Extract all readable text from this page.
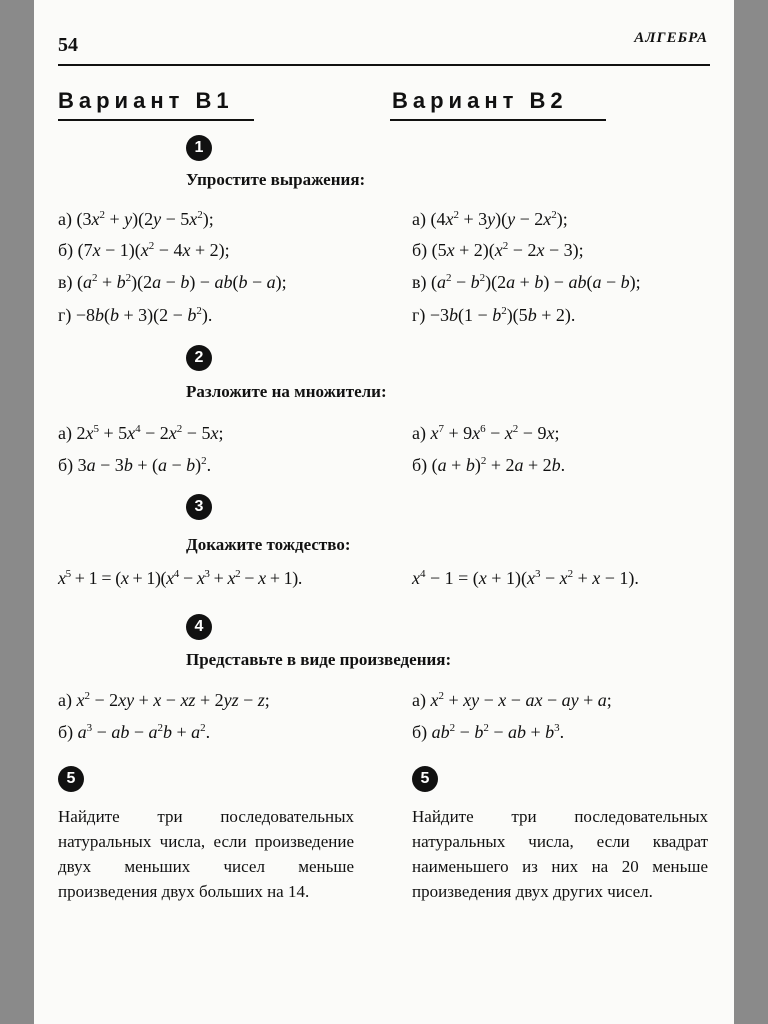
54	АЛГЕБРА
Вариант В1	Вариант В2
1
Упростите выражения:
а) $(3x^2 + y)(2y - 5x^2)$;
б) $(7x - 1)(x^2 - 4x + 2)$;
в) $(a^2 + b^2)(2a - b) - ab(b - a)$;
$г) -8b(b + 3)(2 - b^2)$.
а) $(4x^2 + 3y)(y - 2x^2)$;
б) $(5x + 2)(x^2 - 2x - 3)$;
в) $(a^2 - b^2)(2a + b) - ab(a - b)$;
$г) -3b(1 - b^2)(5b + 2)$.
2
Разложите на множители:
а) $2x^5 + 5x^4 - 2x^2 - 5x$;
б) $3a - 3b + (a - b)^2$.
а) $x^7 + 9x^6 - x^2 - 9x$;
б) $(a + b)^2 + 2a + 2b$.
3
Докажите тождество:
$x^5 + 1 = (x + 1)(x^4 - x^3 + x^2 - x + 1)$.	$x^4 - 1 = (x + 1)(x^3 - x^2 + x - 1)$.
4
Представьте в виде произведения:
а) $x^2 - 2xy + x$ − xz + 2yz − z;
б) $a^3$ − ab − $a^2b + a^2$.
а) $x^2$ + xy − x − ax − ay + a;
б) $ab^2 - b^2$ − ab + $b^3$.
5	5
Найдите три последовательных натуральных числа, если произведение двух меньших чисел меньше произведения двух больших на 14.
Найдите три последовательных натуральных числа, если квадрат наименьшего из них на 20 меньше произведения двух других чисел.
